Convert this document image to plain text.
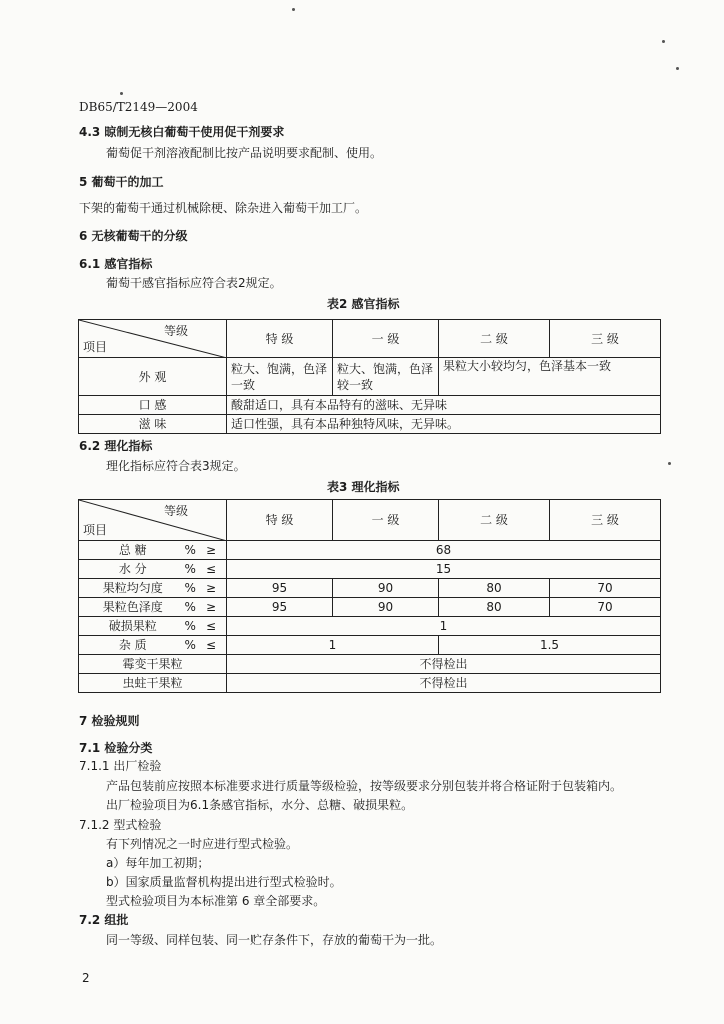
DB65/T2149—2004
4.3 晾制无核白葡萄干使用促干剂要求
葡萄促干剂溶液配制比按产品说明要求配制、使用。
5 葡萄干的加工
下架的葡萄干通过机械除梗、除杂进入葡萄干加工厂。
6 无核葡萄干的分级
6.1 感官指标
葡萄干感官指标应符合表2规定。
表2 感官指标
等级
项目	特 级	一 级	二 级	三 级
外 观	粒大、饱满，色泽一致	粒大、饱满，色泽较一致	果粒大小较均匀，色泽基本一致	
口 感	酸甜适口，具有本品特有的滋味、无异味			
滋 味	适口性强，具有本品种独特风味，无异味。			
6.2 理化指标
理化指标应符合表3规定。
表3 理化指标
等级
项目	特 级	一 级	二 级	三 级

总 糖 % ≥	68			

水 分 % ≤	15			

果粒均匀度 % ≥	95	90	80	70

果粒色泽度 % ≥	95	90	80	70

破损果粒 % ≤	1			

杂 质 % ≤	1		1.5	
霉变干果粒	不得检出			
虫蛀干果粒	不得检出			
7 检验规则
7.1 检验分类
7.1.1 出厂检验
产品包装前应按照本标准要求进行质量等级检验，按等级要求分别包装并将合格证附于包装箱内。
出厂检验项目为6.1条感官指标，水分、总糖、破损果粒。
7.1.2 型式检验
有下列情况之一时应进行型式检验。
a）每年加工初期；
b）国家质量监督机构提出进行型式检验时。
型式检验项目为本标准第 6 章全部要求。
7.2 组批
同一等级、同样包装、同一贮存条件下，存放的葡萄干为一批。
2
